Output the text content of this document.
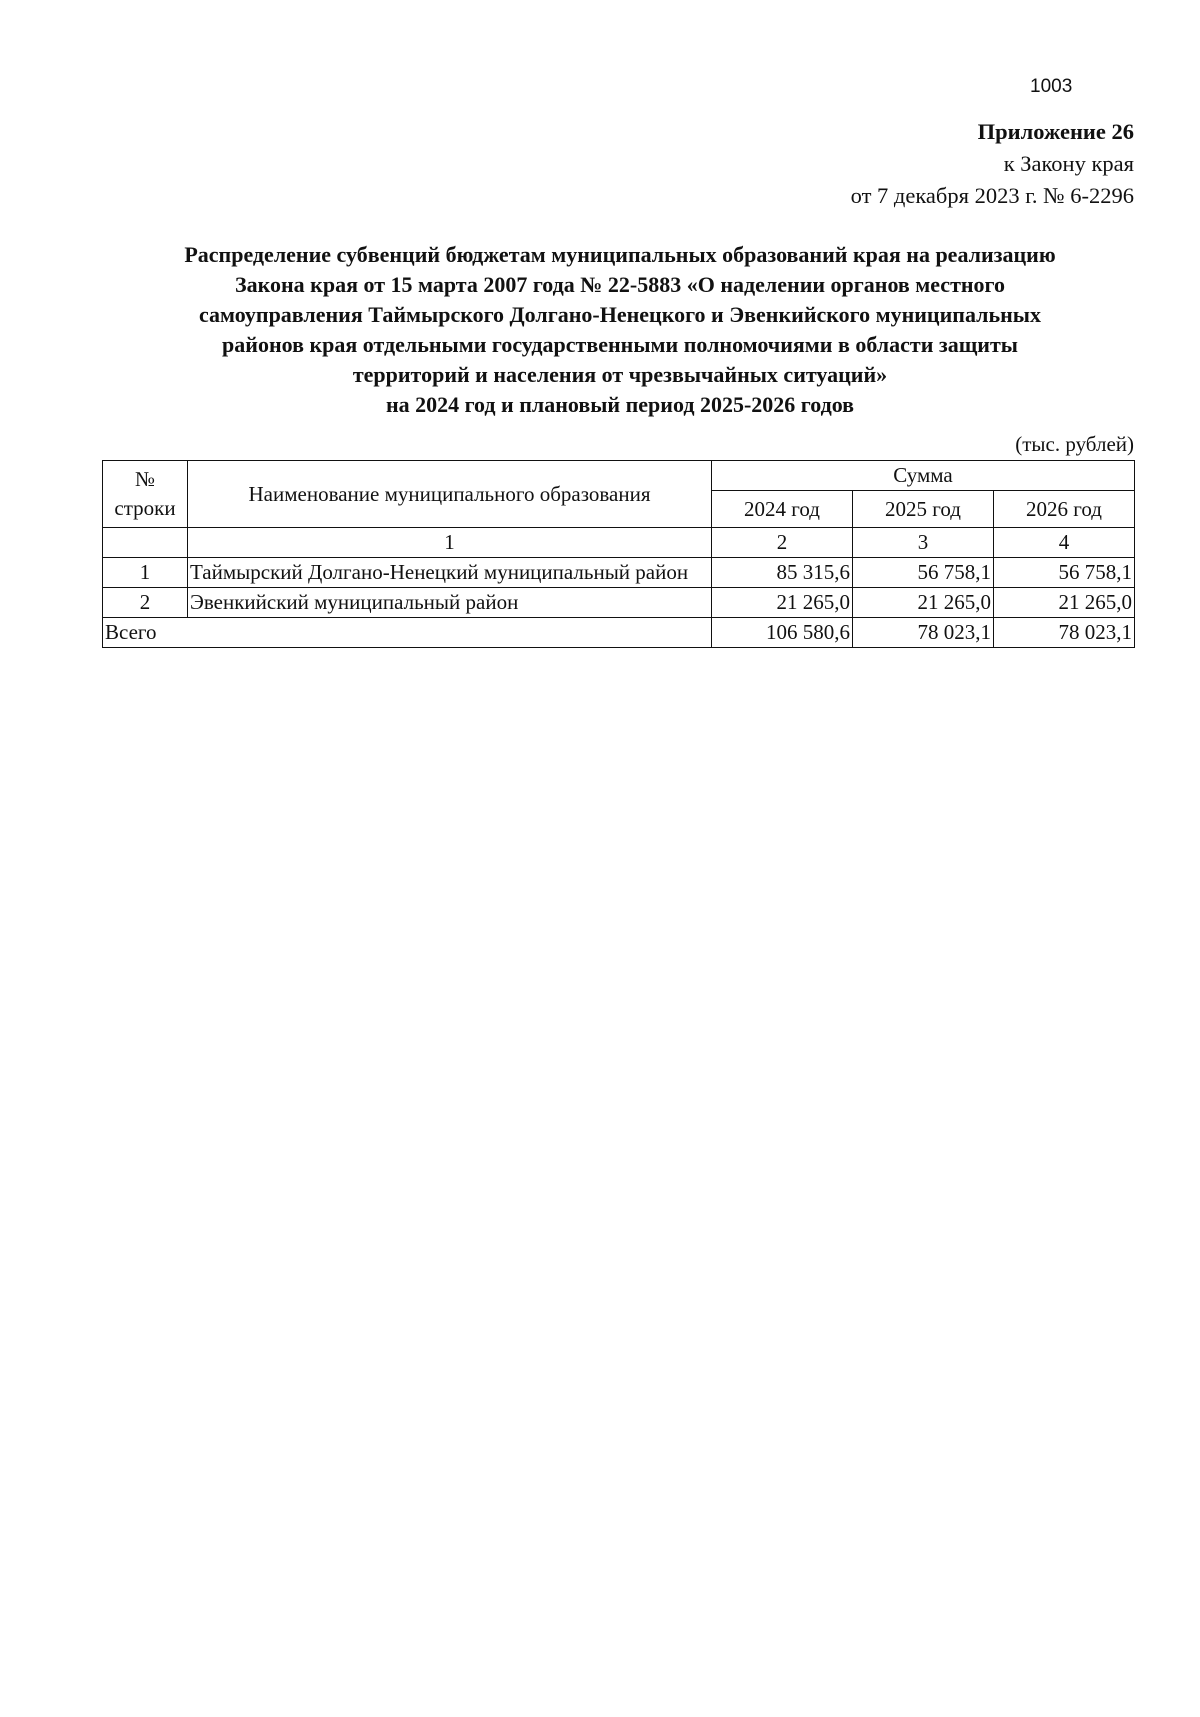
1003
Приложение 26
к Закону края
от 7 декабря 2023 г. № 6-2296
Распределение субвенций бюджетам муниципальных образований края на реализацию
Закона края от 15 марта 2007 года № 22-5883 «О наделении органов местного
самоуправления Таймырского Долгано-Ненецкого и Эвенкийского муниципальных
районов края отдельными государственными полномочиями в области защиты
территорий и населения от чрезвычайных ситуаций»
на 2024 год и плановый период 2025-2026 годов
(тыс. рублей)
№
строки	Наименование муниципального образования	Сумма		
		2024 год	2025 год	2026 год
	1	2	3	4
1	Таймырский Долгано-Ненецкий муниципальный район	85 315,6	56 758,1	56 758,1
2	Эвенкийский муниципальный район	21 265,0	21 265,0	21 265,0
Всего		106 580,6	78 023,1	78 023,1
